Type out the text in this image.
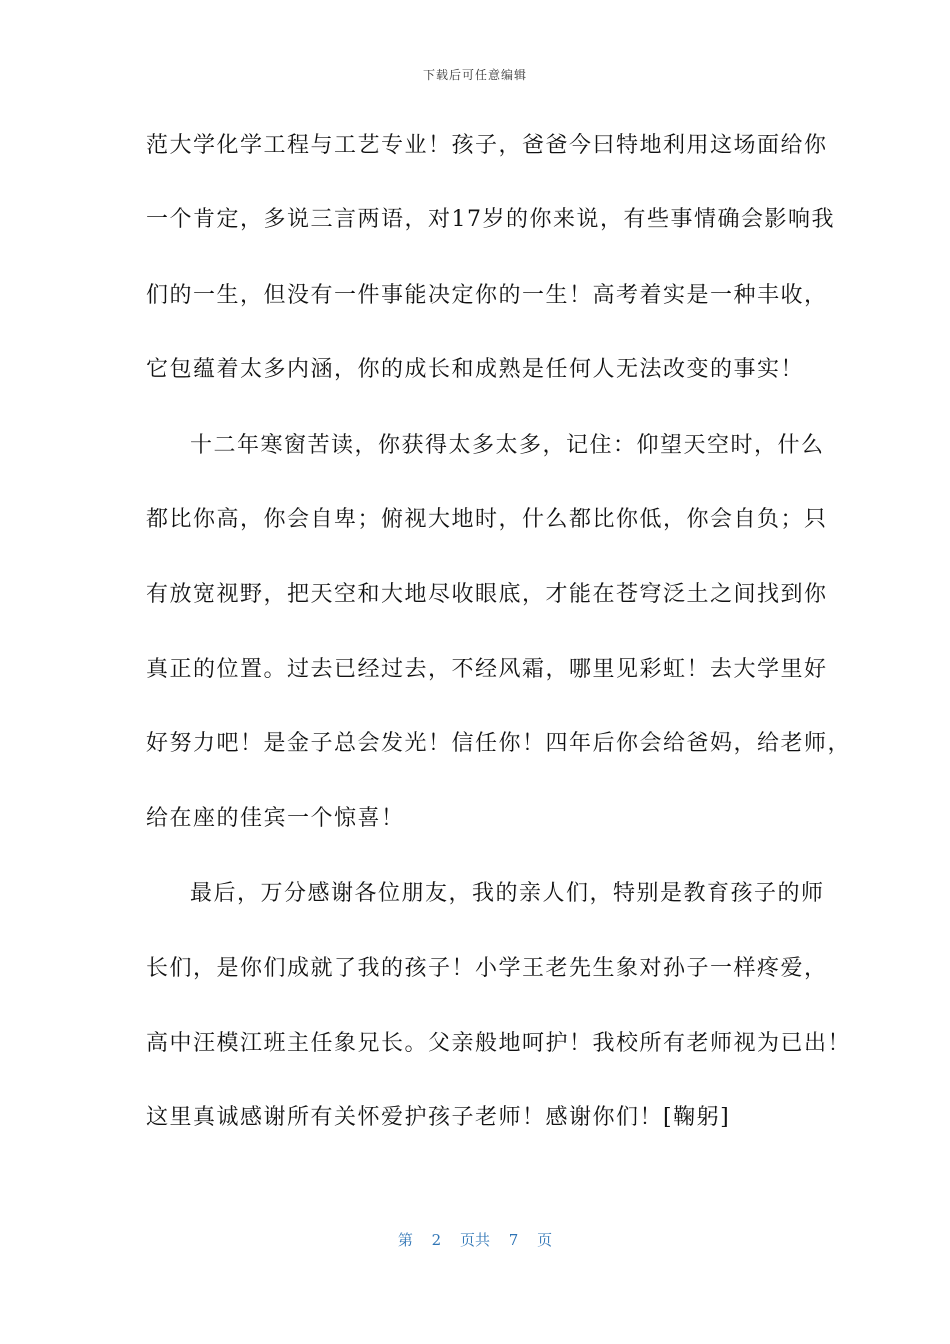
下载后可任意编辑
范大学化学工程与工艺专业！孩子，爸爸今曰特地利用这场面给你
一个肯定，多说三言两语，对17岁的你来说，有些事情确会影响我
们的一生，但没有一件事能决定你的一生！高考着实是一种丰收，
它包蕴着太多内涵，你的成长和成熟是任何人无法改变的事实！
十二年寒窗苦读，你获得太多太多，记住：仰望天空时，什么
都比你高，你会自卑；俯视大地时，什么都比你低，你会自负；只
有放宽视野，把天空和大地尽收眼底，才能在苍穹泛土之间找到你
真正的位置。过去已经过去，不经风霜，哪里见彩虹！去大学里好
好努力吧！是金子总会发光！信任你！四年后你会给爸妈，给老师，
给在座的佳宾一个惊喜！
最后，万分感谢各位朋友，我的亲人们，特别是教育孩子的师
长们，是你们成就了我的孩子！小学王老先生象对孙子一样疼爱，
高中汪模江班主任象兄长。父亲般地呵护！我校所有老师视为已出！
这里真诚感谢所有关怀爱护孩子老师！感谢你们！[鞠躬]
第 2 页共 7 页
